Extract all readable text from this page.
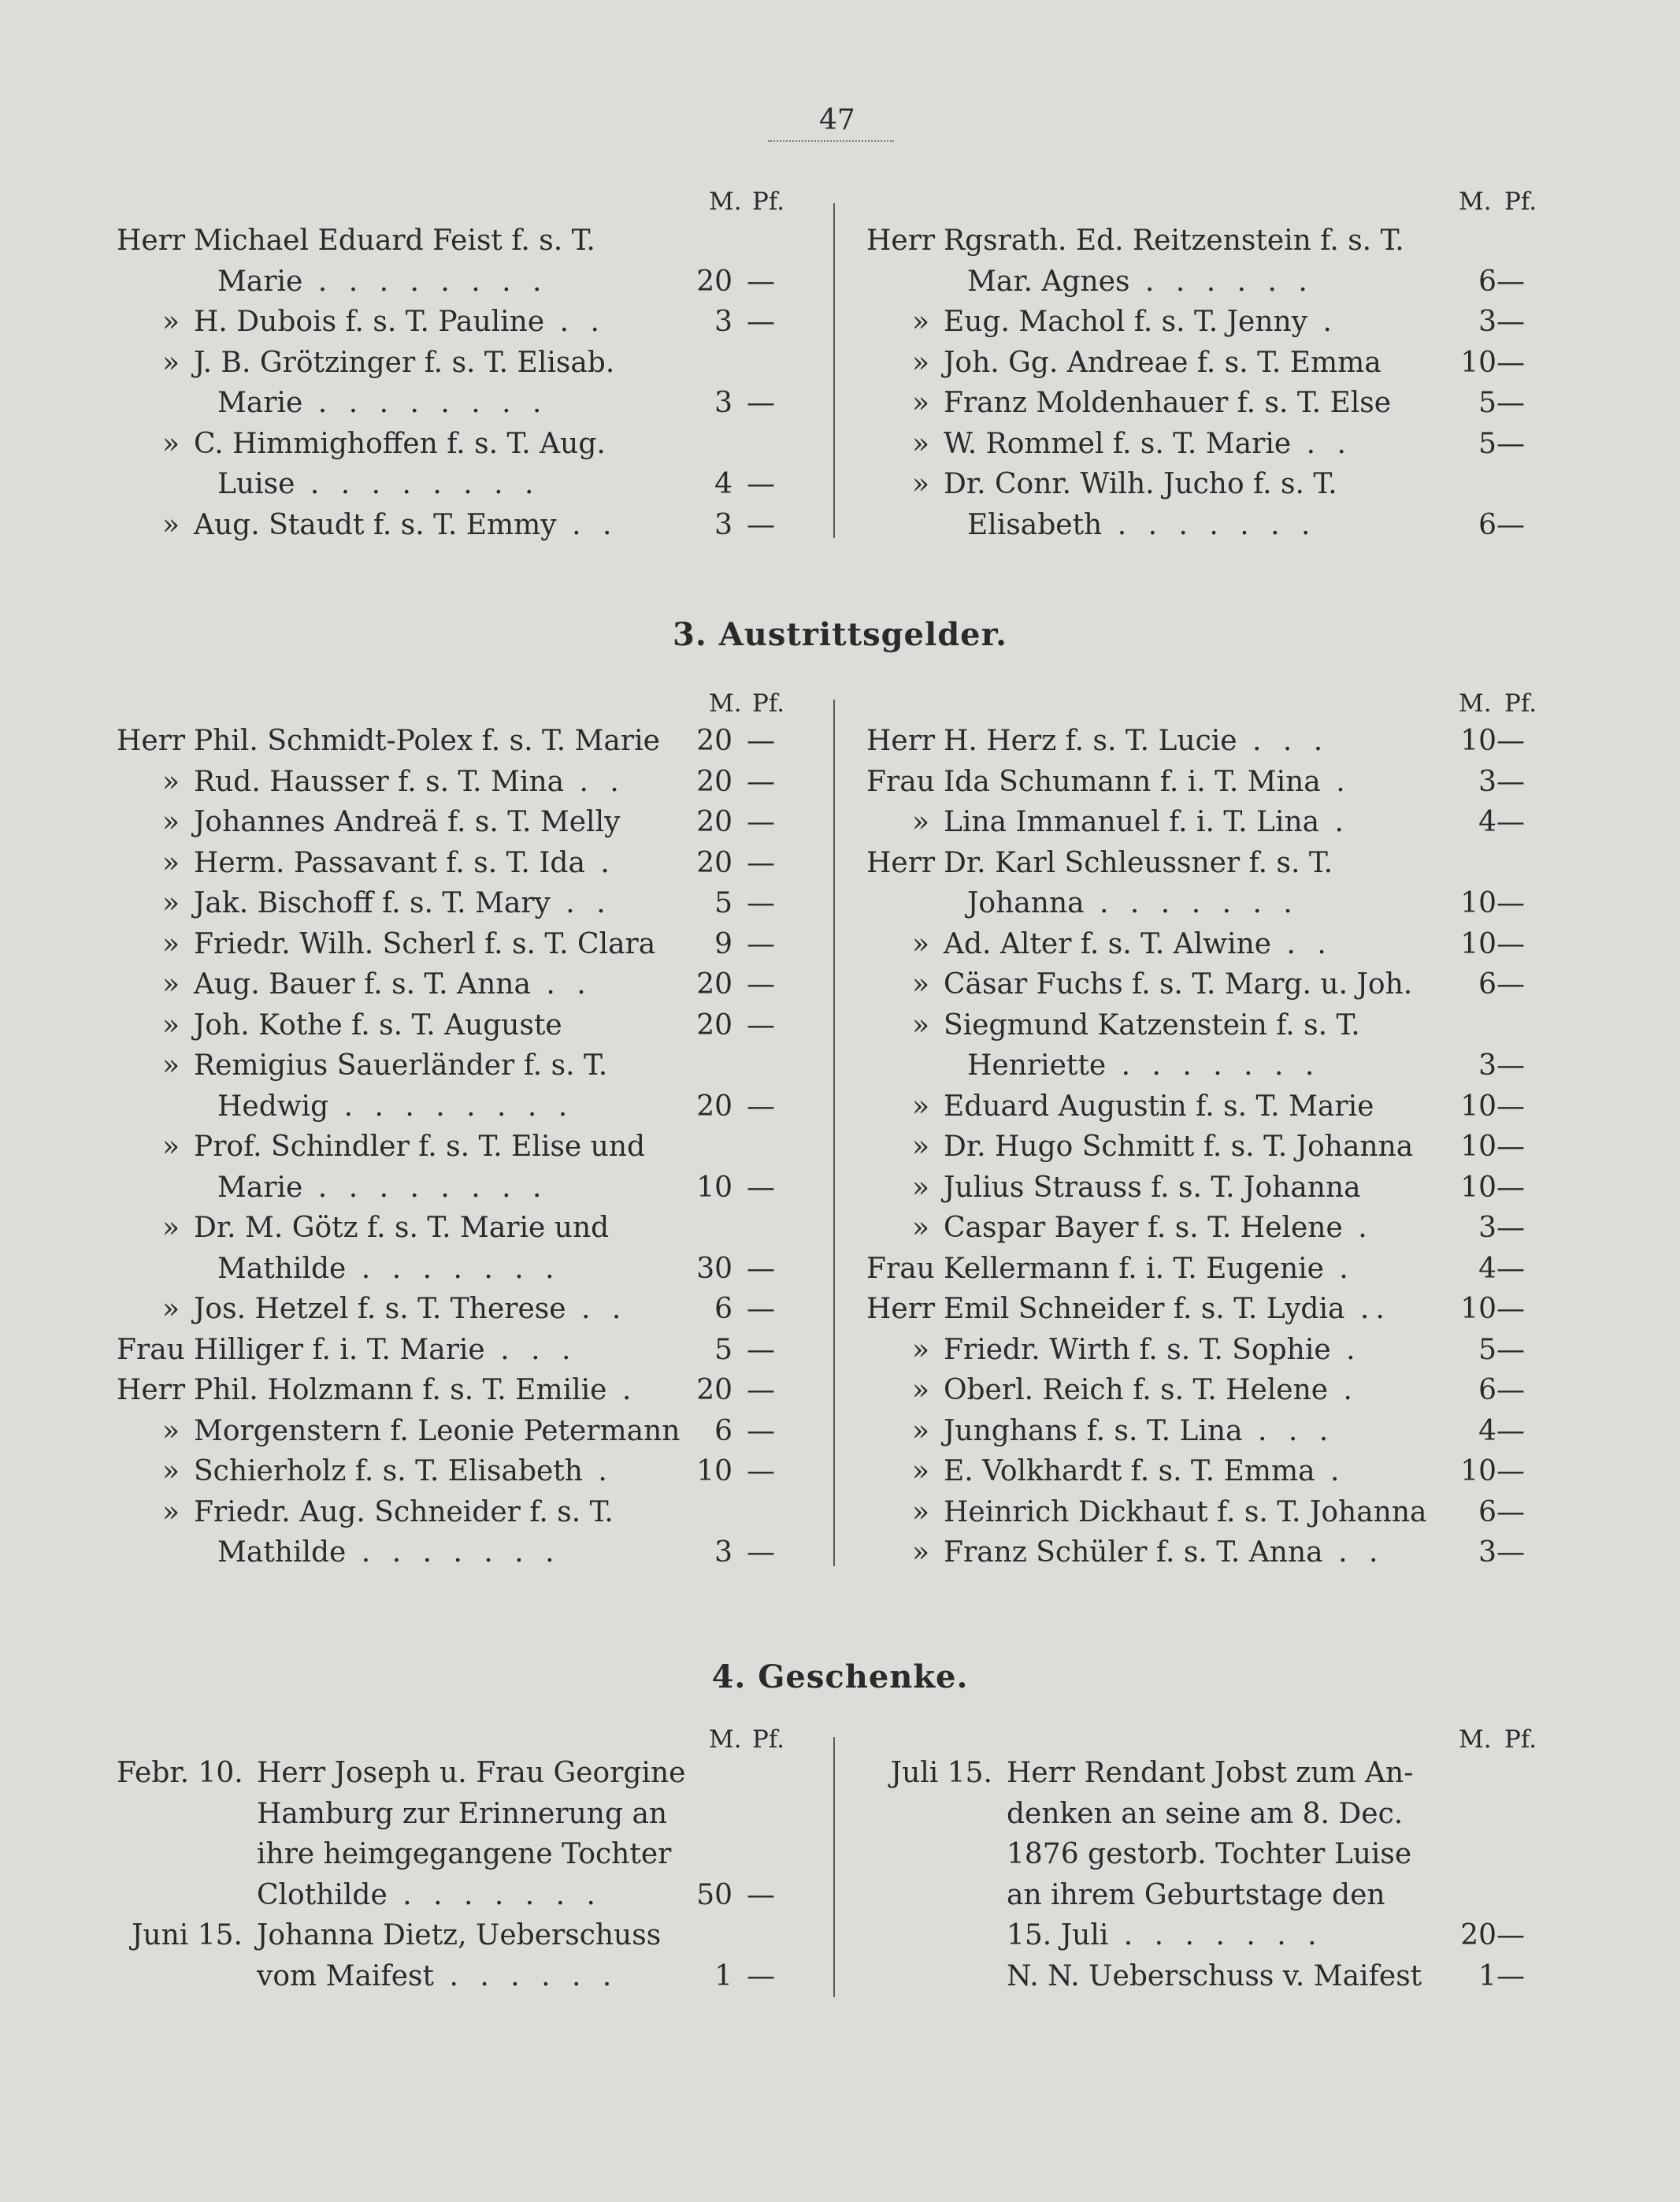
47
M. Pf.	M. Pf.
Herr Michael Eduard Feist f. s. T.
Marie . . . . . . . .	20 —
» H. Dubois f. s. T. Pauline . .	3 —
» J. B. Grötzinger f. s. T. Elisab.
Marie . . . . . . . .	3 —
» C. Himmighoffen f. s. T. Aug.
Luise . . . . . . . .	4 —
» Aug. Staudt f. s. T. Emmy . .	3 —
Herr Rgsrath. Ed. Reitzenstein f. s. T.
Mar. Agnes . . . . . .	6 —
» Eug. Machol f. s. T. Jenny .	3 —
» Joh. Gg. Andreae f. s. T. Emma	10 —
» Franz Moldenhauer f. s. T. Else	5 —
» W. Rommel f. s. T. Marie . .	5 —
» Dr. Conr. Wilh. Jucho f. s. T.
Elisabeth . . . . . . .	6 —
3. Austrittsgelder.
M. Pf.	M. Pf.
Herr Phil. Schmidt-Polex f. s. T. Marie	20 —
» Rud. Hausser f. s. T. Mina . .	20 —
» Johannes Andreä f. s. T. Melly	20 —
» Herm. Passavant f. s. T. Ida .	20 —
» Jak. Bischoff f. s. T. Mary . .	5 —
» Friedr. Wilh. Scherl f. s. T. Clara	9 —
» Aug. Bauer f. s. T. Anna . .	20 —
» Joh. Kothe f. s. T. Auguste	20 —
» Remigius Sauerländer f. s. T.
Hedwig . . . . . . . .	20 —
» Prof. Schindler f. s. T. Elise und
Marie . . . . . . . .	10 —
» Dr. M. Götz f. s. T. Marie und
Mathilde . . . . . . .	30 —
» Jos. Hetzel f. s. T. Therese . .	6 —
Frau Hilliger f. i. T. Marie . . .	5 —
Herr Phil. Holzmann f. s. T. Emilie .	20 —
» Morgenstern f. Leonie Petermann	6 —
» Schierholz f. s. T. Elisabeth .	10 —
» Friedr. Aug. Schneider f. s. T.
Mathilde . . . . . . .	3 —
Herr H. Herz f. s. T. Lucie . . .	10 —
Frau Ida Schumann f. i. T. Mina .	3 —
» Lina Immanuel f. i. T. Lina .	4 —
Herr Dr. Karl Schleussner f. s. T.
Johanna . . . . . . .	10 —
» Ad. Alter f. s. T. Alwine . .	10 —
» Cäsar Fuchs f. s. T. Marg. u. Joh.	6 —
» Siegmund Katzenstein f. s. T.
Henriette . . . . . . .	3 —
» Eduard Augustin f. s. T. Marie	10 —
» Dr. Hugo Schmitt f. s. T. Johanna	10 —
» Julius Strauss f. s. T. Johanna	10 —
» Caspar Bayer f. s. T. Helene .	3 —
Frau Kellermann f. i. T. Eugenie .	4 —
Herr Emil Schneider f. s. T. Lydia ..	10 —
» Friedr. Wirth f. s. T. Sophie .	5 —
» Oberl. Reich f. s. T. Helene .	6 —
» Junghans f. s. T. Lina . . .	4 —
» E. Volkhardt f. s. T. Emma .	10 —
» Heinrich Dickhaut f. s. T. Johanna	6 —
» Franz Schüler f. s. T. Anna . .	3 —
4. Geschenke.
M. Pf.	M. Pf.
Febr. 10. Herr Joseph u. Frau Georgine
Hamburg zur Erinnerung an
ihre heimgegangene Tochter
Clothilde . . . . . . .	50 —
Juni 15. Johanna Dietz, Ueberschuss
vom Maifest . . . . . .	1 —
Juli 15. Herr Rendant Jobst zum An-
denken an seine am 8. Dec.
1876 gestorb. Tochter Luise
an ihrem Geburtstage den
15. Juli . . . . . . .	20 —
N. N. Ueberschuss v. Maifest	1 —
